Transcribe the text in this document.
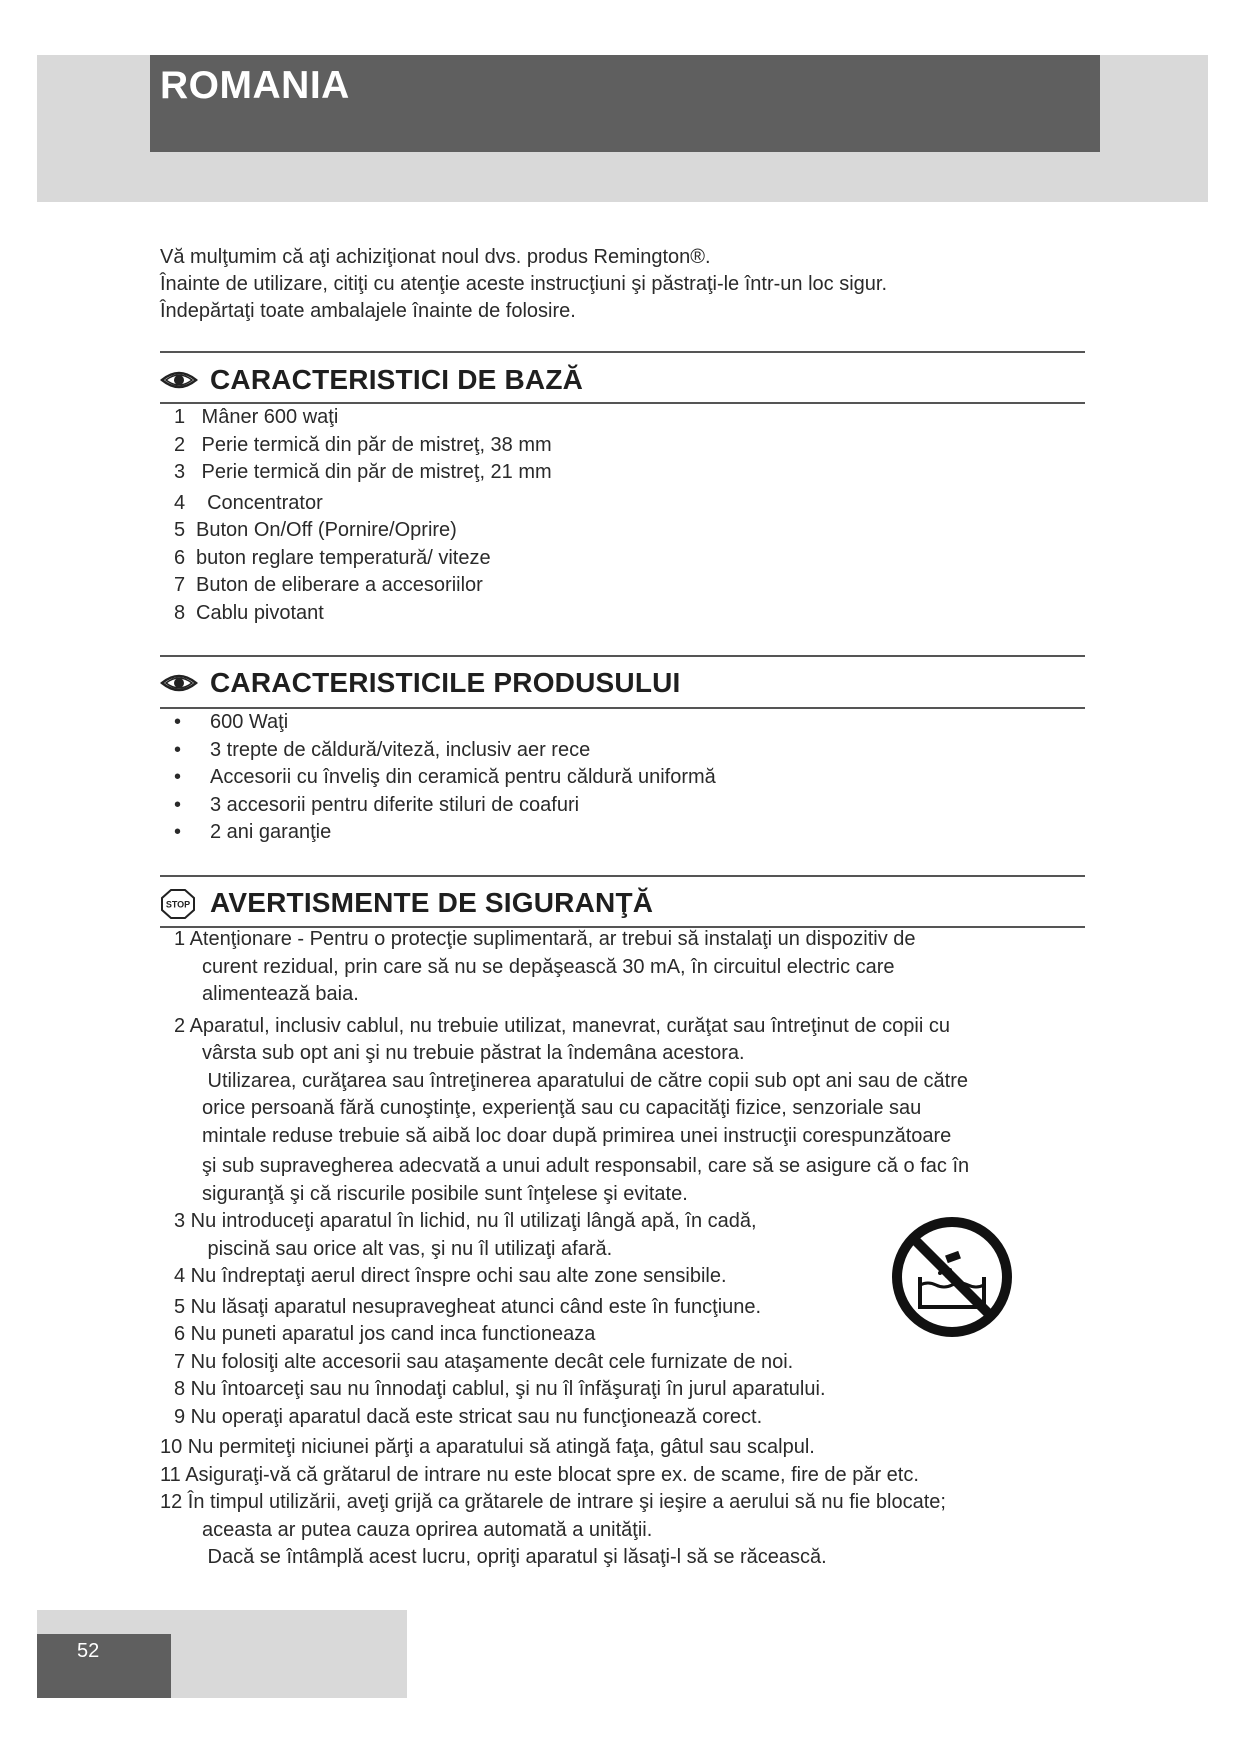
ROMANIA
Vă mulţumim că aţi achiziţionat noul dvs. produs Remington®.
Înainte de utilizare, citiţi cu atenţie aceste instrucţiuni şi păstraţi-le într-un loc sigur.
Îndepărtaţi toate ambalajele înainte de folosire.
CARACTERISTICI DE BAZĂ
1 Mâner 600 waţi
2 Perie termică din păr de mistreţ, 38 mm
3 Perie termică din păr de mistreţ, 21 mm
4  Concentrator
5 Buton On/Off (Pornire/Oprire)
6 buton reglare temperatură/ viteze
7 Buton de eliberare a accesoriilor
8 Cablu pivotant
CARACTERISTICILE PRODUSULUI
• 600 Waţi
• 3 trepte de căldură/viteză, inclusiv aer rece
• Accesorii cu înveliş din ceramică pentru căldură uniformă
• 3 accesorii pentru diferite stiluri de coafuri
• 2 ani garanţie
STOP AVERTISMENTE DE SIGURANŢĂ
1 Atenţionare - Pentru o protecţie suplimentară, ar trebui să instalaţi un dispozitiv de
curent rezidual, prin care să nu se depăşească 30 mA, în circuitul electric care
alimentează baia.
2 Aparatul, inclusiv cablul, nu trebuie utilizat, manevrat, curăţat sau întreţinut de copii cu
vârsta sub opt ani şi nu trebuie păstrat la îndemâna acestora.
Utilizarea, curăţarea sau întreţinerea aparatului de către copii sub opt ani sau de către
orice persoană fără cunoştinţe, experienţă sau cu capacităţi fizice, senzoriale sau
mintale reduse trebuie să aibă loc doar după primirea unei instrucţii corespunzătoare
şi sub supravegherea adecvată a unui adult responsabil, care să se asigure că o fac în
siguranţă şi că riscurile posibile sunt înţelese şi evitate.
3 Nu introduceţi aparatul în lichid, nu îl utilizaţi lângă apă, în cadă,
piscină sau orice alt vas, şi nu îl utilizaţi afară.
4 Nu îndreptaţi aerul direct înspre ochi sau alte zone sensibile.
5 Nu lăsaţi aparatul nesupravegheat atunci când este în funcţiune.
6 Nu puneti aparatul jos cand inca functioneaza
7 Nu folosiţi alte accesorii sau ataşamente decât cele furnizate de noi.
8 Nu întoarceţi sau nu înnodaţi cablul, şi nu îl înfăşuraţi în jurul aparatului.
9 Nu operaţi aparatul dacă este stricat sau nu funcţionează corect.
10 Nu permiteţi niciunei părţi a aparatului să atingă faţa, gâtul sau scalpul.
11 Asiguraţi-vă că grătarul de intrare nu este blocat spre ex. de scame, fire de păr etc.
12 În timpul utilizării, aveţi grijă ca grătarele de intrare şi ieşire a aerului să nu fie blocate;
aceasta ar putea cauza oprirea automată a unităţii.
Dacă se întâmplă acest lucru, opriţi aparatul şi lăsaţi-l să se răcească.
52
